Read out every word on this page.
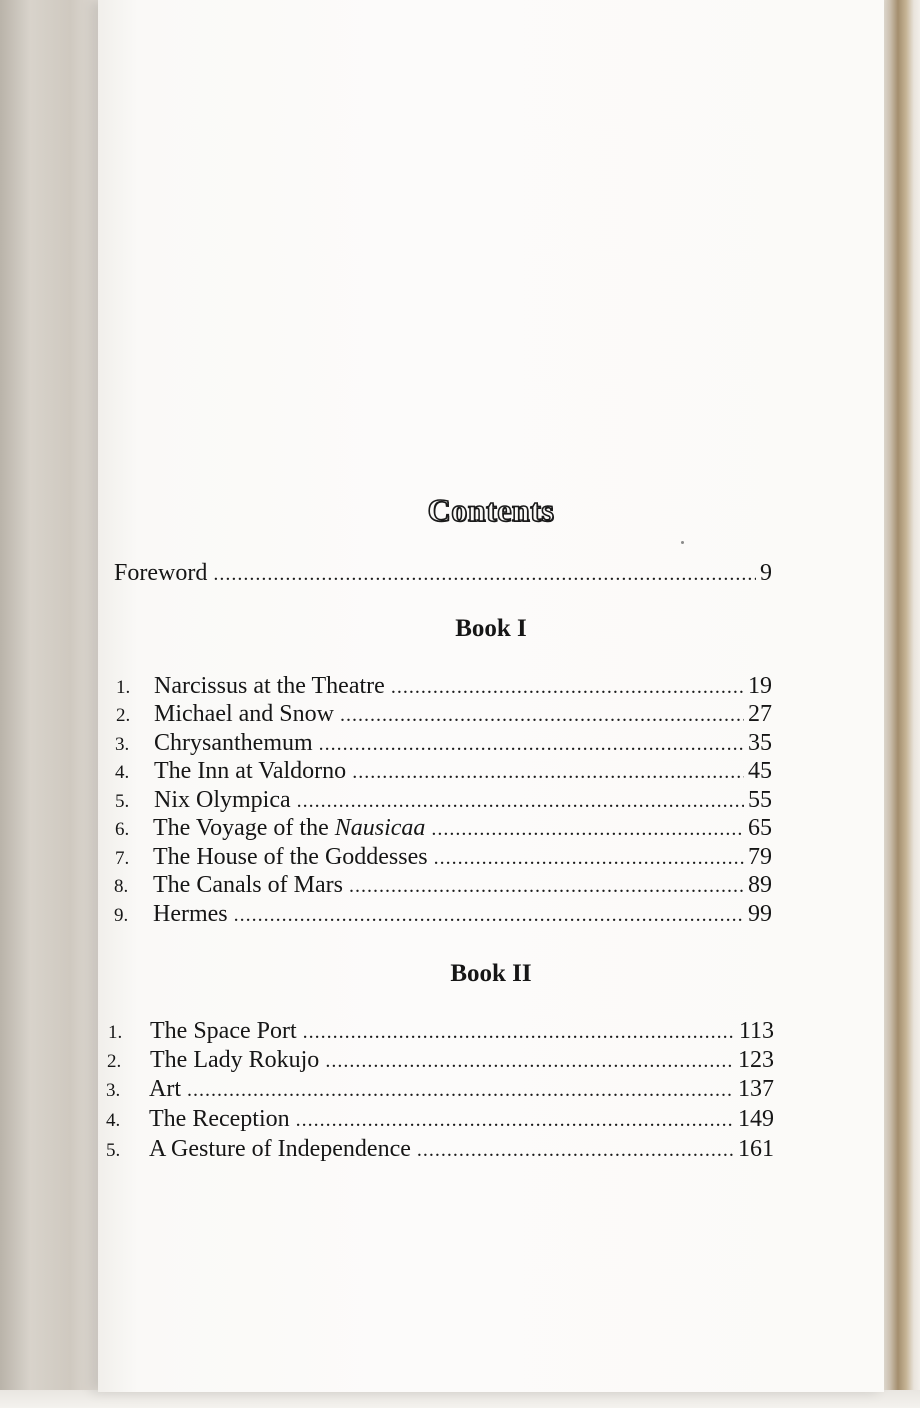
Contents
Foreword .....	9
Book I
1. Narcissus at the Theatre .....	19
2. Michael and Snow .....	27
3.	Chrysanthemum .....	35
4.	The Inn at Valdorno .....	45
5.	Nix Olympica .....	55
6. The Voyage of the Nausicaa .....	65
7. The House of the Goddesses .....	79
8.	The Canals of Mars .....	89
9.	Hermes .....	99
Book II
1.	The Space Port .....	113
2.	The Lady Rokujo .....	123
3.	Art .....	137
4.	The Reception .....	149
5.	A Gesture of Independence .....	161
